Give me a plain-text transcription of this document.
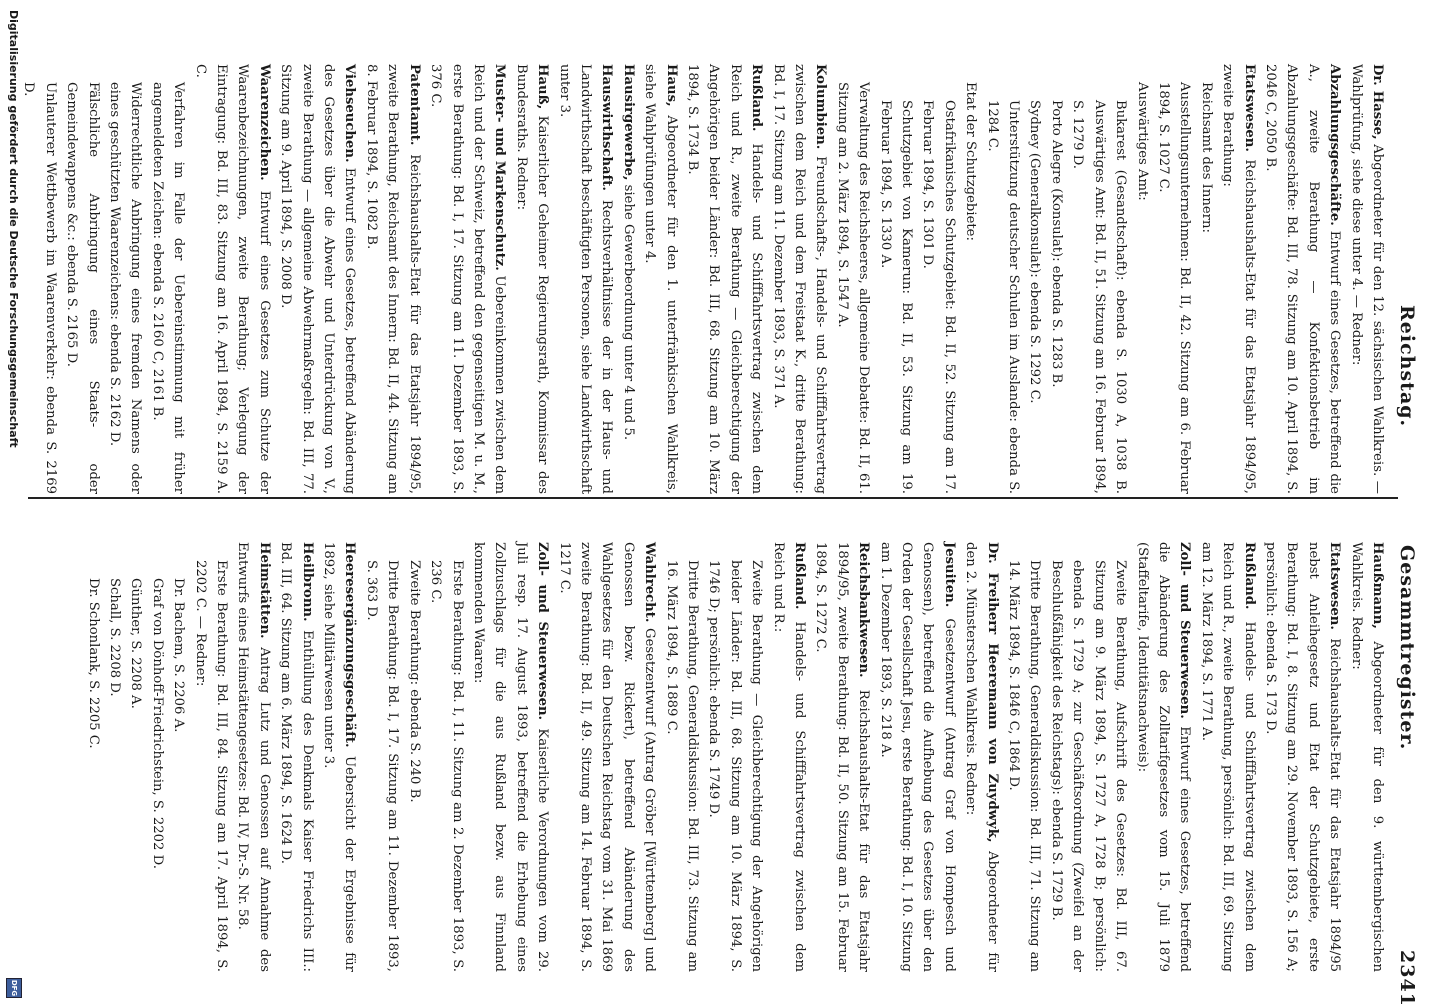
Reichstag.
Gesammtregister.
2341

Dr. Hasse, Abgeordneter für den 12. sächsischen Wahlkreis. — Wahlprüfung, siehe diese unter 4. — Redner:

Abzahlungsgeschäfte. Entwurf eines Gesetzes, betreffend die A., zweite Berathung — Konfektionsbetrieb im Abzahlungsgeschäfte: Bd. III, 78. Sitzung am 10. April 1894, S. 2046 C, 2050 B.

Etatswesen. Reichshaushalts-Etat für das Etatsjahr 1894/95, zweite Berathung:

Reichsamt des Innern:

Ausstellungsunternehmen: Bd. II, 42. Sitzung am 6. Februar 1894, S. 1027 C.

Auswärtiges Amt:

Bukarest (Gesandtschaft): ebenda S. 1030 A, 1038 B. Auswärtiges Amt: Bd. II, 51. Sitzung am 16. Februar 1894, S. 1279 D.

Porto Alegre (Konsulat): ebenda S. 1283 B.

Sydney (Generalkonsulat): ebenda S. 1292 C.

Unterstützung deutscher Schulen im Auslande: ebenda S. 1284 C.

Etat der Schutzgebiete:

Ostafrikanisches Schutzgebiet: Bd. II, 52. Sitzung am 17. Februar 1894, S. 1301 D.

Schutzgebiet von Kamerun: Bd. II, 53. Sitzung am 19. Februar 1894, S. 1330 A.

Verwaltung des Reichsheeres, allgemeine Debatte: Bd. II, 61. Sitzung am 2. März 1894, S. 1547 A.

Kolumbien. Freundschafts-, Handels- und Schifffahrtsvertrag zwischen dem Reich und dem Freistaat K., dritte Berathung: Bd. I, 17. Sitzung am 11. Dezember 1893, S. 371 A.

Rußland. Handels- und Schifffahrtsvertrag zwischen dem Reich und R., zweite Berathung — Gleichberechtigung der Angehörigen beider Länder: Bd. III, 68. Sitzung am 10. März 1894, S. 1734 B.

Haus, Abgeordneter für den 1. unterfränkischen Wahlkreis, siehe Wahlprüfungen unter 4.

Hausirgewerbe, siehe Gewerbeordnung unter 4 und 5.

Hauswirthschaft. Rechtsverhältnisse der in der Haus- und Landwirthschaft beschäftigten Personen, siehe Landwirthschaft unter 3.

Hauß, Kaiserlicher Geheimer Regierungsrath, Kommissar des Bundesraths. Redner:

Muster- und Markenschutz. Uebereinkommen zwischen dem Reich und der Schweiz, betreffend den gegenseitigen M. u. M., erste Berathung: Bd. I, 17. Sitzung am 11. Dezember 1893, S. 376 C.

Patentamt. Reichshaushalts-Etat für das Etatsjahr 1894/95, zweite Berathung, Reichsamt des Innern: Bd. II, 44. Sitzung am 8. Februar 1894, S. 1082 B.

Viehseuchen. Entwurf eines Gesetzes, betreffend Abänderung des Gesetzes über die Abwehr und Unterdrückung von V., zweite Berathung — allgemeine Abwehrmaßregeln: Bd. III, 77. Sitzung am 9. April 1894, S. 2008 D.

Waarenzeichen. Entwurf eines Gesetzes zum Schutze der Waarenbezeichnungen, zweite Berathung; Verlegung der Eintragung: Bd. III, 83. Sitzung am 16. April 1894, S. 2159 A. C.

Verfahren im Falle der Uebereinstimmung mit früher angemeldeten Zeichen: ebenda S. 2160 C, 2161 B.

Widerrechtliche Anbringung eines fremden Namens oder eines geschützten Waarenzeichens: ebenda S. 2162 D.

Fälschliche Anbringung eines Staats- oder Gemeindewappens &c.: ebenda S. 2165 D.

Unlauterer Wettbewerb im Waarenverkehr: ebenda S. 2169 D.

Haußmann, Abgeordneter für den 9. württembergischen Wahlkreis. Redner:

Etatswesen. Reichshaushalts-Etat für das Etatsjahr 1894/95 nebst Anleihegesetz und Etat der Schutzgebiete, erste Berathung: Bd. I, 8. Sitzung am 29. November 1893, S. 156 A; persönlich: ebenda S. 173 D.

Rußland. Handels- und Schifffahrtsvertrag zwischen dem Reich und R., zweite Berathung, persönlich: Bd. III, 69. Sitzung am 12. März 1894, S. 1771 A.

Zoll- und Steuerwesen. Entwurf eines Gesetzes, betreffend die Abänderung des Zolltarifgesetzes vom 15. Juli 1879 (Staffeltarife, Identitätsnachweis):

Zweite Berathung, Aufschrift des Gesetzes: Bd. III, 67. Sitzung am 9. März 1894, S. 1727 A, 1728 B; persönlich: ebenda S. 1729 A; zur Geschäftsordnung (Zweifel an der Beschlußfähigkeit des Reichstags): ebenda S. 1729 B.

Dritte Berathung, Generaldiskussion: Bd. III, 71. Sitzung am 14. März 1894, S. 1846 C, 1864 D.

Dr. Freiherr Heeremann von Zuydwyk, Abgeordneter für den 2. Münsterschen Wahlkreis. Redner:

Jesuiten. Gesetzentwurf (Antrag Graf von Hompesch und Genossen), betreffend die Aufhebung des Gesetzes über den Orden der Gesellschaft Jesu, erste Berathung: Bd. I, 10. Sitzung am 1. Dezember 1893, S. 218 A.

Reichsbankwesen. Reichshaushalts-Etat für das Etatsjahr 1894/95, zweite Berathung: Bd. II, 50. Sitzung am 15. Februar 1894, S. 1272 C.

Rußland. Handels- und Schifffahrtsvertrag zwischen dem Reich und R.:

Zweite Berathung — Gleichberechtigung der Angehörigen beider Länder: Bd. III, 68. Sitzung am 10. März 1894, S. 1746 D; persönlich: ebenda S. 1749 D.

Dritte Berathung, Generaldiskussion: Bd. III, 73. Sitzung am 16. März 1894, S. 1889 C.

Wahlrecht. Gesetzentwurf (Antrag Gröber [Württemberg] und Genossen bezw. Rickert), betreffend Abänderung des Wahlgesetzes für den Deutschen Reichstag vom 31. Mai 1869 zweite Berathung: Bd. II, 49. Sitzung am 14. Februar 1894, S. 1217 C.

Zoll- und Steuerwesen. Kaiserliche Verordnungen vom 29. Juli resp. 17. August 1893, betreffend die Erhebung eines Zollzuschlags für die aus Rußland bezw. aus Finnland kommenden Waaren:

Erste Berathung: Bd. I, 11. Sitzung am 2. Dezember 1893, S. 236 C.

Zweite Berathung: ebenda S. 240 B.

Dritte Berathung: Bd. I, 17. Sitzung am 11. Dezember 1893, S. 363 D.

Heeresergänzungsgeschäft. Uebersicht der Ergebnisse für 1892, siehe Militärwesen unter 3.

Heilbronn. Enthüllung des Denkmals Kaiser Friedrichs III.: Bd. III, 64. Sitzung am 6. März 1894, S. 1624 D.

Heimstätten. Antrag Lutz und Genossen auf Annahme des Entwurfs eines Heimstättengesetzes: Bd. IV, Dr.-S. Nr. 58.

Erste Berathung: Bd. III, 84. Sitzung am 17. April 1894, S. 2202 C. — Redner:

Dr. Bachem, S. 2206 A.

Graf von Dönhoff-Friedrichstein, S. 2202 D.

Günther, S. 2208 A.

Schall, S. 2208 D.

Dr. Schonlank, S. 2205 C.

Digitalisierung gefördert durch die Deutsche Forschungsgemeinschaft
DFG
